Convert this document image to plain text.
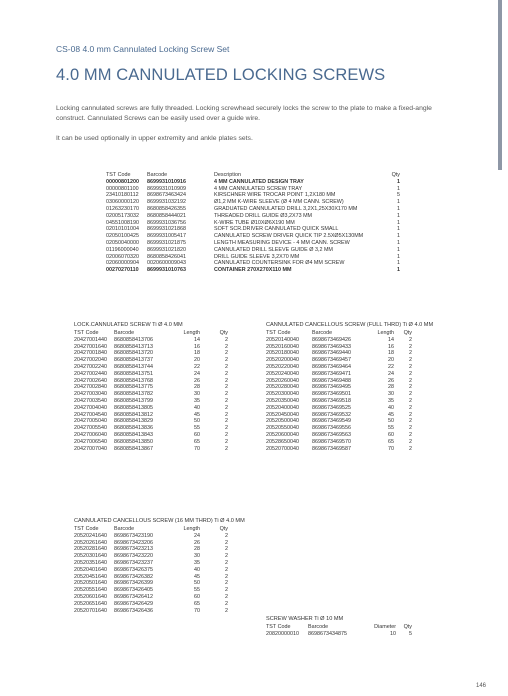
CS-08 4.0 mm Cannulated Locking Screw Set
4.0 MM CANNULATED LOCKING SCREWS

Locking cannulated screws are fully threaded. Locking screwhead securely locks the screw to the plate to make a fixed-angle construct. Cannulated Screws can be easily used over a guide wire.

It can be used optionally in upper extremity and ankle plates sets.

TST Code	Barcode	Description	Qty
00000801200 8699931010916	4 MM CANNULATED DESIGN TRAY	1
00000801100 8699931010909	4 MM CANNULATED SCREW TRAY	1
23410180112 8698673463424	KIRSCHNER WIRE TROCAR POINT 1,2X180 MM	5
03060000120 8699931032192	Ø1,2 MM K-WIRE SLEEVE (Ø 4 MM CANN. SCREW)	1
01263230170 8680858426355	GRADUATED CANNULATED DRILL 3,2X1,25X30X170 MM	1
02005173032 8680858444021	THREADED DRILL GUIDE Ø3,2X73 MM	1
04551008190 8699931036756	K-WIRE TUBE Ø10XØ6X190 MM	1
02010101004 8699931021868	SOFT SCR.DRIVER CANNULATED QUICK SMALL	1
02050100425 8699931005417	CANNULATED SCREW DRIVER QUICK TIP 2.5XØ5X130MM	1
02050040000 8699931021875	LENGTH MEASURING DEVICE - 4 MM CANN. SCREW	1
01196000040 8699931021820	CANNULATED DRILL SLEEVE GUIDE Ø 3,2 MM	1
02006070320 8680858426041	DRILL GUIDE SLEEVE 3,2X70 MM	1
02060000904 0020600009043	CANNULATED COUNTERSINK FOR Ø4 MM SCREW	1
00270270110 8699931010763	CONTAINER 270X270X110 MM	1
LOCK.CANNULATED SCREW Ti Ø 4.0 MM
TST Code	Barcode	Length	Qty
20427001440 8680858413706	14	2
20427001640 8680858413713	16	2
20427001840 8680858413720	18	2
20427002040 8680858413737	20	2
20427002240 8680858413744	22	2
20427002440 8680858413751	24	2
20427002640 8680858413768	26	2
20427002840 8680858413775	28	2
20427003040 8680858413782	30	2
20427003540 8680858413799	35	2
20427004040 8680858413805	40	2
20427004540 8680858413812	45	2
20427005040 8680858413829	50	2
20427005540 8680858413836	55	2
20427006040 8680858413843	60	2
20427006540 8680858413850	65	2
20427007040 8680858413867	70	2
CANNULATED CANCELLOUS SCREW (FULL THRD) Ti Ø 4.0 MM
TST Code	Barcode	Length Qty
20520140040 8698673469426	14	2
20520160040 8698673469433	16	2
20520180040 8698673469440	18	2
20520200040 8698673469457	20	2
20520220040 8698673469464	22	2
20520240040 8698673469471	24	2
20520260040 8698673469488	26	2
20520280040 8698673469495	28	2
20520300040 8698673469501	30	2
20520350040 8698673469518	35	2
20520400040 8698673469525	40	2
20520450040 8698673469532	45	2
20520500040 8698673469549	50	2
20520550040 8698673469556	55	2
20520600040 8698673469563	60	2
20528650040 8698673469570	65	2
20520700040 8698673469587	70	2
CANNULATED CANCELLOUS SCREW (16 MM THRD) Ti Ø 4.0 MM
TST Code	Barcode	Length	Qty
20520241640 8698673423190	24	2
20520261640 8698673423206	26	2
20520281640 8698673423213	28	2
20520301640 8698673423220	30	2
20520351640 8698673423237	35	2
20520401640 8698673426375	40	2
20520451640 8698673426382	45	2
20520501640 8698673426399	50	2
20520551640 8698673426405	55	2
20520601640 8698673426412	60	2
20520651640 8698673426429	65	2
20520701640 8698673426436	70	2
SCREW WASHER Ti Ø 10 MM
TST Code	Barcode	Diameter Qty
20820000010 8698673434875	10 5
146
